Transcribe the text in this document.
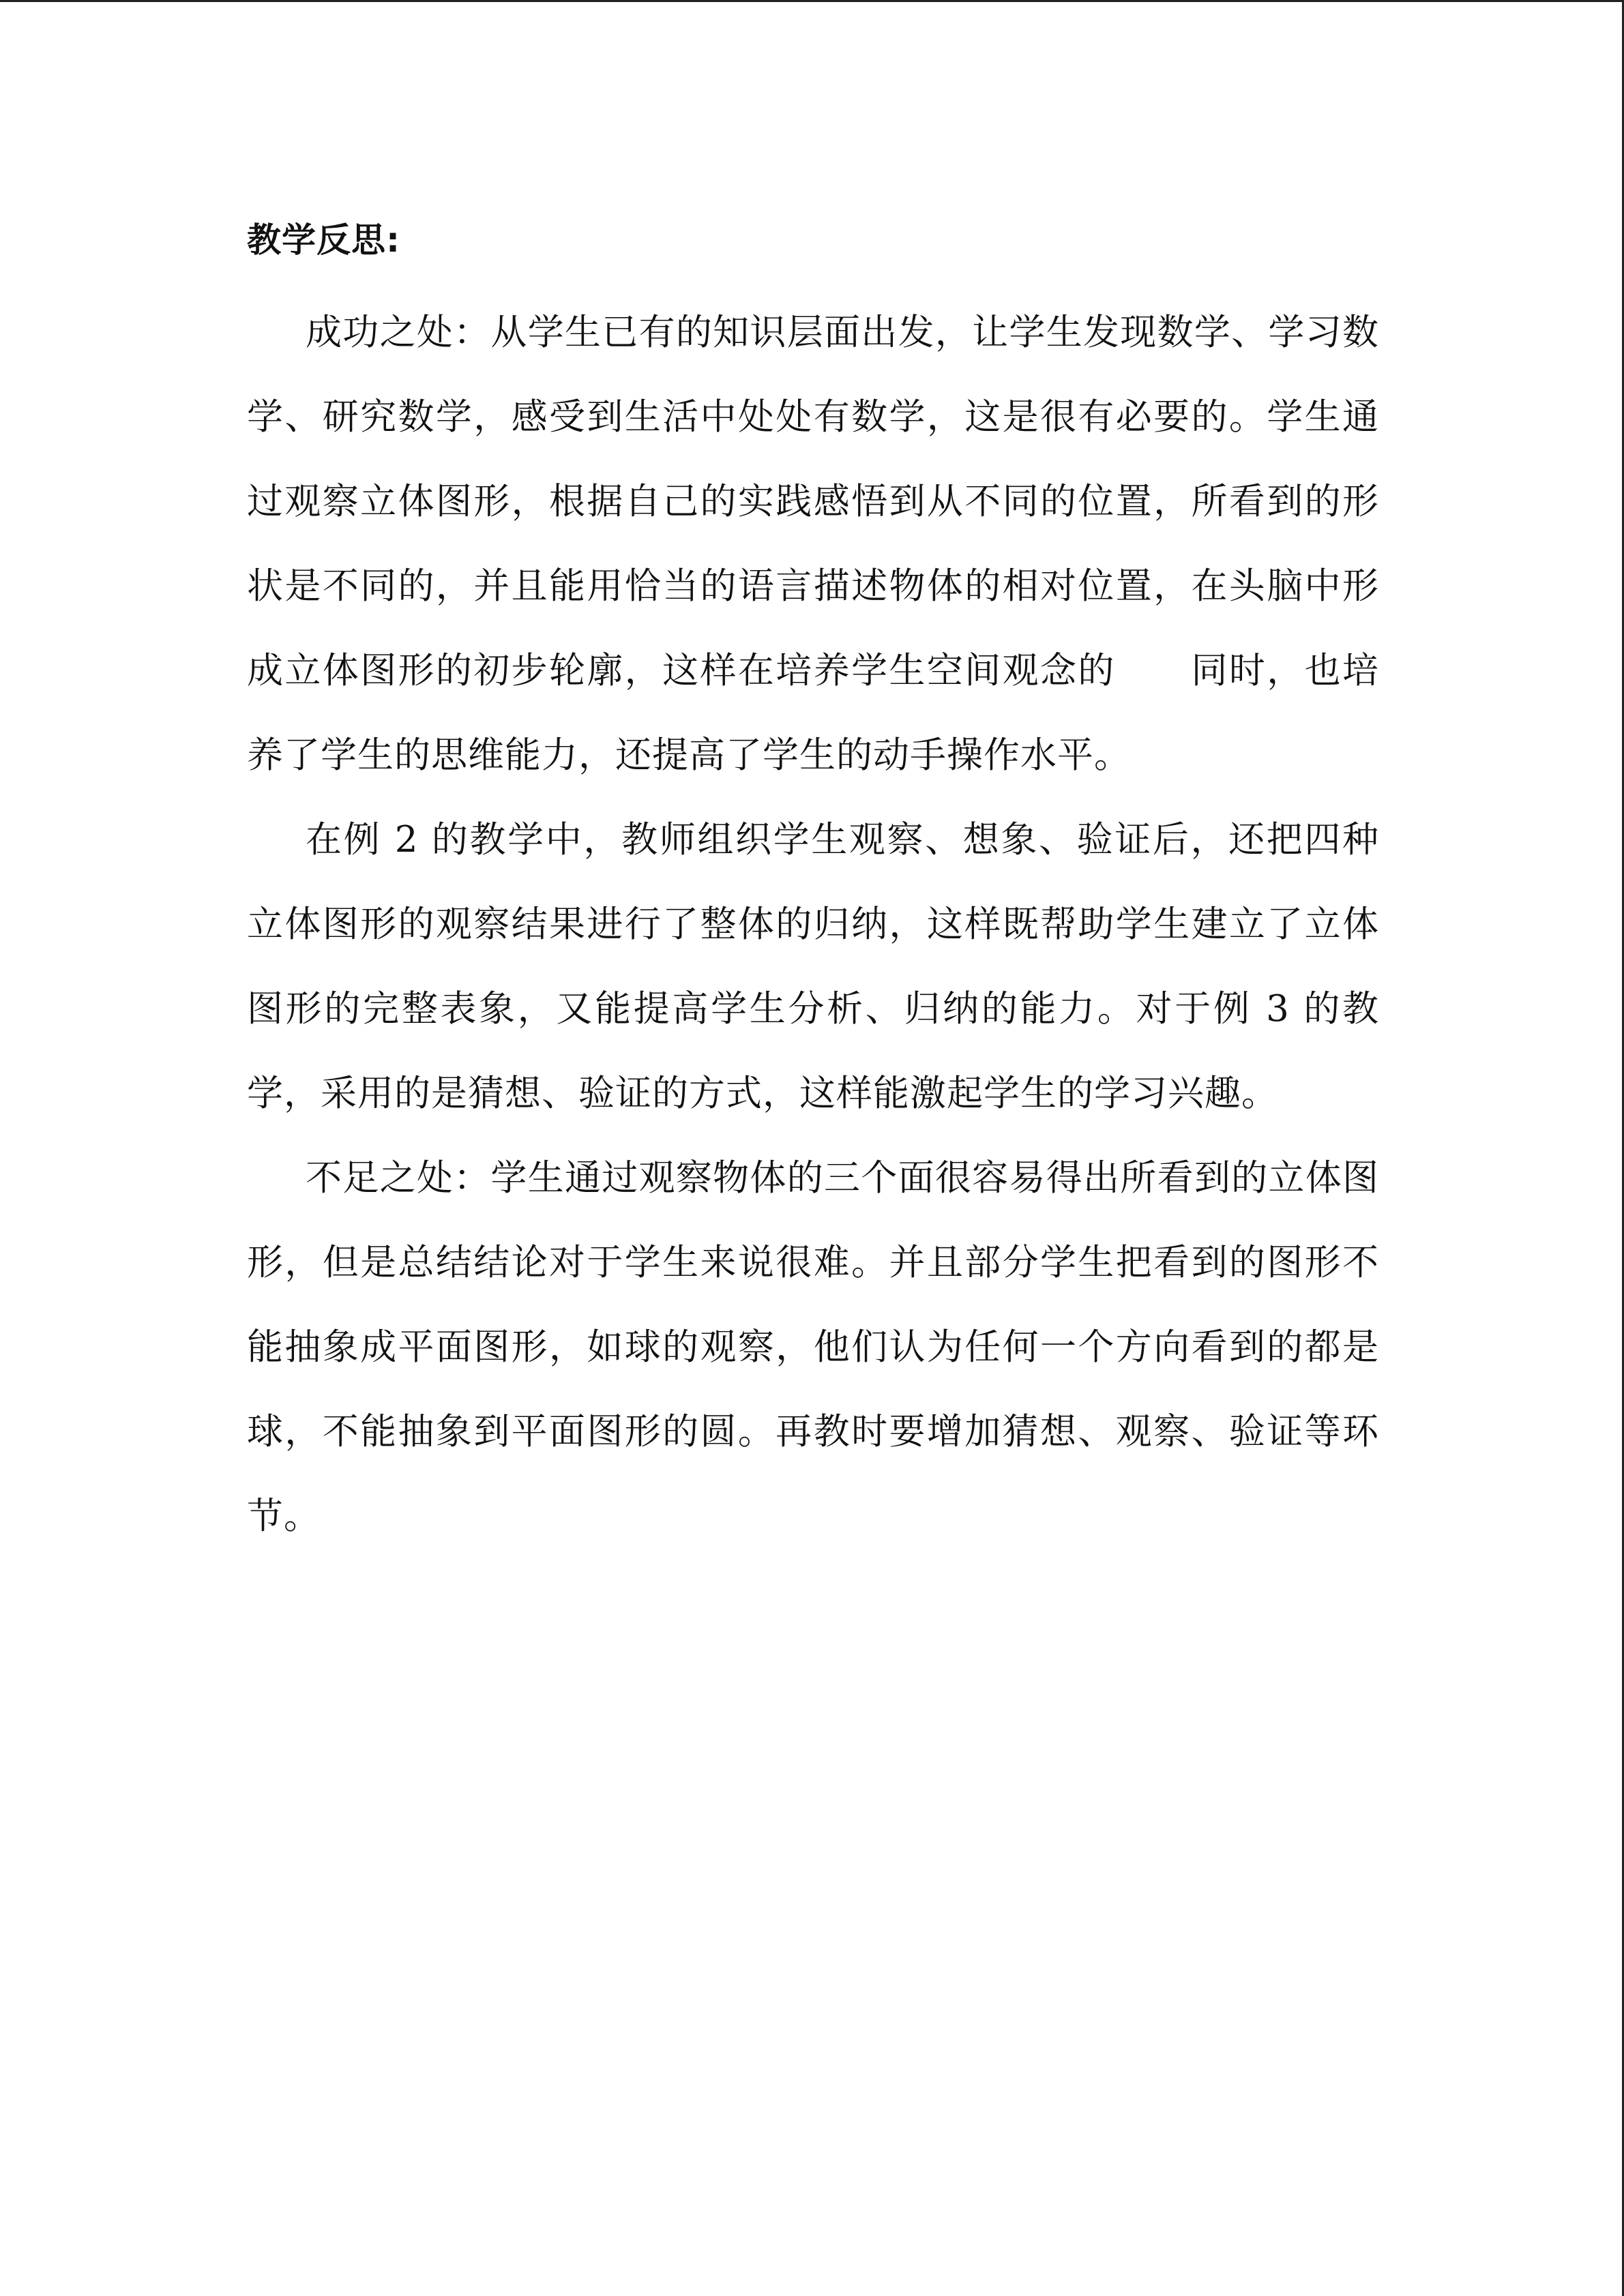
教学反思:

成功之处：从学生已有的知识层面出发，让学生发现数学、学习数学、研究数学，感受到生活中处处有数学，这是很有必要的。学生通过观察立体图形，根据自己的实践感悟到从不同的位置，所看到的形状是不同的，并且能用恰当的语言描述物体的相对位置，在头脑中形成立体图形的初步轮廓，这样在培养学生空间观念的　　同时，也培养了学生的思维能力，还提高了学生的动手操作水平。

在例 2 的教学中，教师组织学生观察、想象、验证后，还把四种立体图形的观察结果进行了整体的归纳，这样既帮助学生建立了立体图形的完整表象，又能提高学生分析、归纳的能力。对于例 3 的教学，采用的是猜想、验证的方式，这样能激起学生的学习兴趣。

不足之处：学生通过观察物体的三个面很容易得出所看到的立体图形，但是总结结论对于学生来说很难。并且部分学生把看到的图形不能抽象成平面图形，如球的观察，他们认为任何一个方向看到的都是球，不能抽象到平面图形的圆。再教时要增加猜想、观察、验证等环节。
